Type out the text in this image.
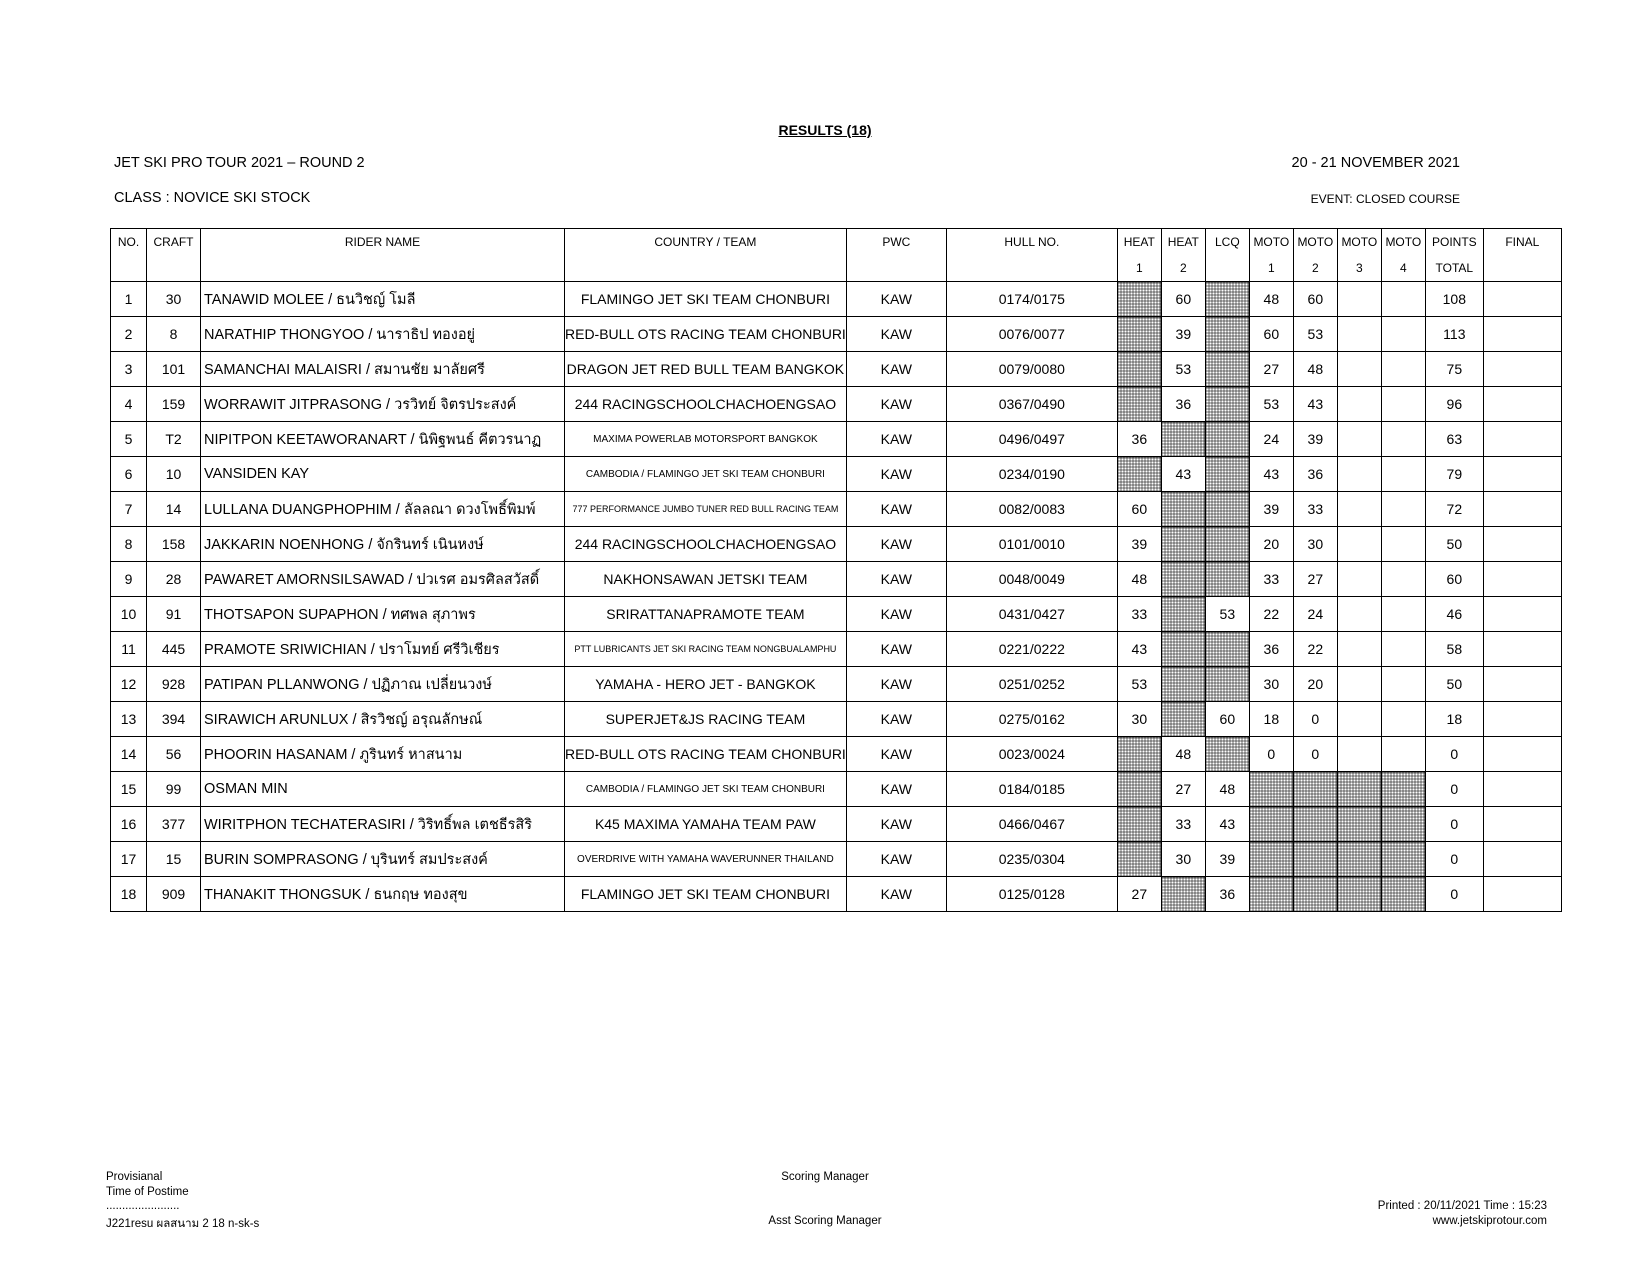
RESULTS (18)
JET SKI PRO TOUR 2021 – ROUND 2	20 - 21 NOVEMBER 2021
CLASS : NOVICE SKI STOCK	EVENT: CLOSED COURSE
NO.	CRAFT	RIDER NAME	COUNTRY / TEAM	PWC	HULL NO.	HEAT	HEAT	LCQ	MOTO	MOTO	MOTO	MOTO	POINTS	FINAL
						1	2		1	2	3	4	TOTAL	
1	30	TANAWID MOLEE / ธนวิชญ์ โมลี	FLAMINGO JET SKI TEAM CHONBURI	KAW	0174/0175		60		48	60			108	
2	8	NARATHIP THONGYOO / นาราธิป ทองอยู่	RED-BULL OTS RACING TEAM CHONBURI	KAW	0076/0077		39		60	53			113	
3	101	SAMANCHAI MALAISRI / สมานชัย มาลัยศรี	DRAGON JET RED BULL TEAM BANGKOK	KAW	0079/0080		53		27	48			75	
4	159	WORRAWIT JITPRASONG / วรวิทย์ จิตรประสงค์	244 RACINGSCHOOLCHACHOENGSAO	KAW	0367/0490		36		53	43			96	
5	T2	NIPITPON KEETAWORANART / นิพิฐพนธ์ คีตวรนาฏ	MAXIMA POWERLAB MOTORSPORT BANGKOK	KAW	0496/0497	36			24	39			63	
6	10	VANSIDEN KAY	CAMBODIA / FLAMINGO JET SKI TEAM CHONBURI	KAW	0234/0190		43		43	36			79	
7	14	LULLANA DUANGPHOPHIM / ลัลลณา ดวงโพธิ์พิมพ์	777 PERFORMANCE JUMBO TUNER RED BULL RACING TEAM	KAW	0082/0083	60			39	33			72	
8	158	JAKKARIN NOENHONG / จักรินทร์ เนินหงษ์	244 RACINGSCHOOLCHACHOENGSAO	KAW	0101/0010	39			20	30			50	
9	28	PAWARET AMORNSILSAWAD / ปวเรศ อมรศิลสวัสดิ์	NAKHONSAWAN JETSKI TEAM	KAW	0048/0049	48			33	27			60	
10	91	THOTSAPON SUPAPHON / ทศพล สุภาพร	SRIRATTANAPRAMOTE TEAM	KAW	0431/0427	33		53	22	24			46	
11	445	PRAMOTE SRIWICHIAN / ปราโมทย์ ศรีวิเชียร	PTT LUBRICANTS JET SKI RACING TEAM NONGBUALAMPHU	KAW	0221/0222	43			36	22			58	
12	928	PATIPAN PLLANWONG / ปฏิภาณ เปลี่ยนวงษ์	YAMAHA - HERO JET - BANGKOK	KAW	0251/0252	53			30	20			50	
13	394	SIRAWICH ARUNLUX / สิรวิชญ์ อรุณลักษณ์	SUPERJET&JS RACING TEAM	KAW	0275/0162	30		60	18	0			18	
14	56	PHOORIN HASANAM / ภูรินทร์ หาสนาม	RED-BULL OTS RACING TEAM CHONBURI	KAW	0023/0024		48		0	0			0	
15	99	OSMAN MIN	CAMBODIA / FLAMINGO JET SKI TEAM CHONBURI	KAW	0184/0185		27	48					0	
16	377	WIRITPHON TECHATERASIRI / วิริทธิ์พล เตชธีรสิริ	K45 MAXIMA YAMAHA TEAM PAW	KAW	0466/0467		33	43					0	
17	15	BURIN SOMPRASONG / บุรินทร์ สมประสงค์	OVERDRIVE WITH YAMAHA WAVERUNNER THAILAND	KAW	0235/0304		30	39					0	
18	909	THANAKIT THONGSUK / ธนกฤษ ทองสุข	FLAMINGO JET SKI TEAM CHONBURI	KAW	0125/0128	27		36					0	
Provisianal
Time of Postime
.......................
J221resu ผลสนาม 2 18 n-sk-s
Scoring Manager
Asst Scoring Manager
Printed : 20/11/2021 Time : 15:23
www.jetskiprotour.com
